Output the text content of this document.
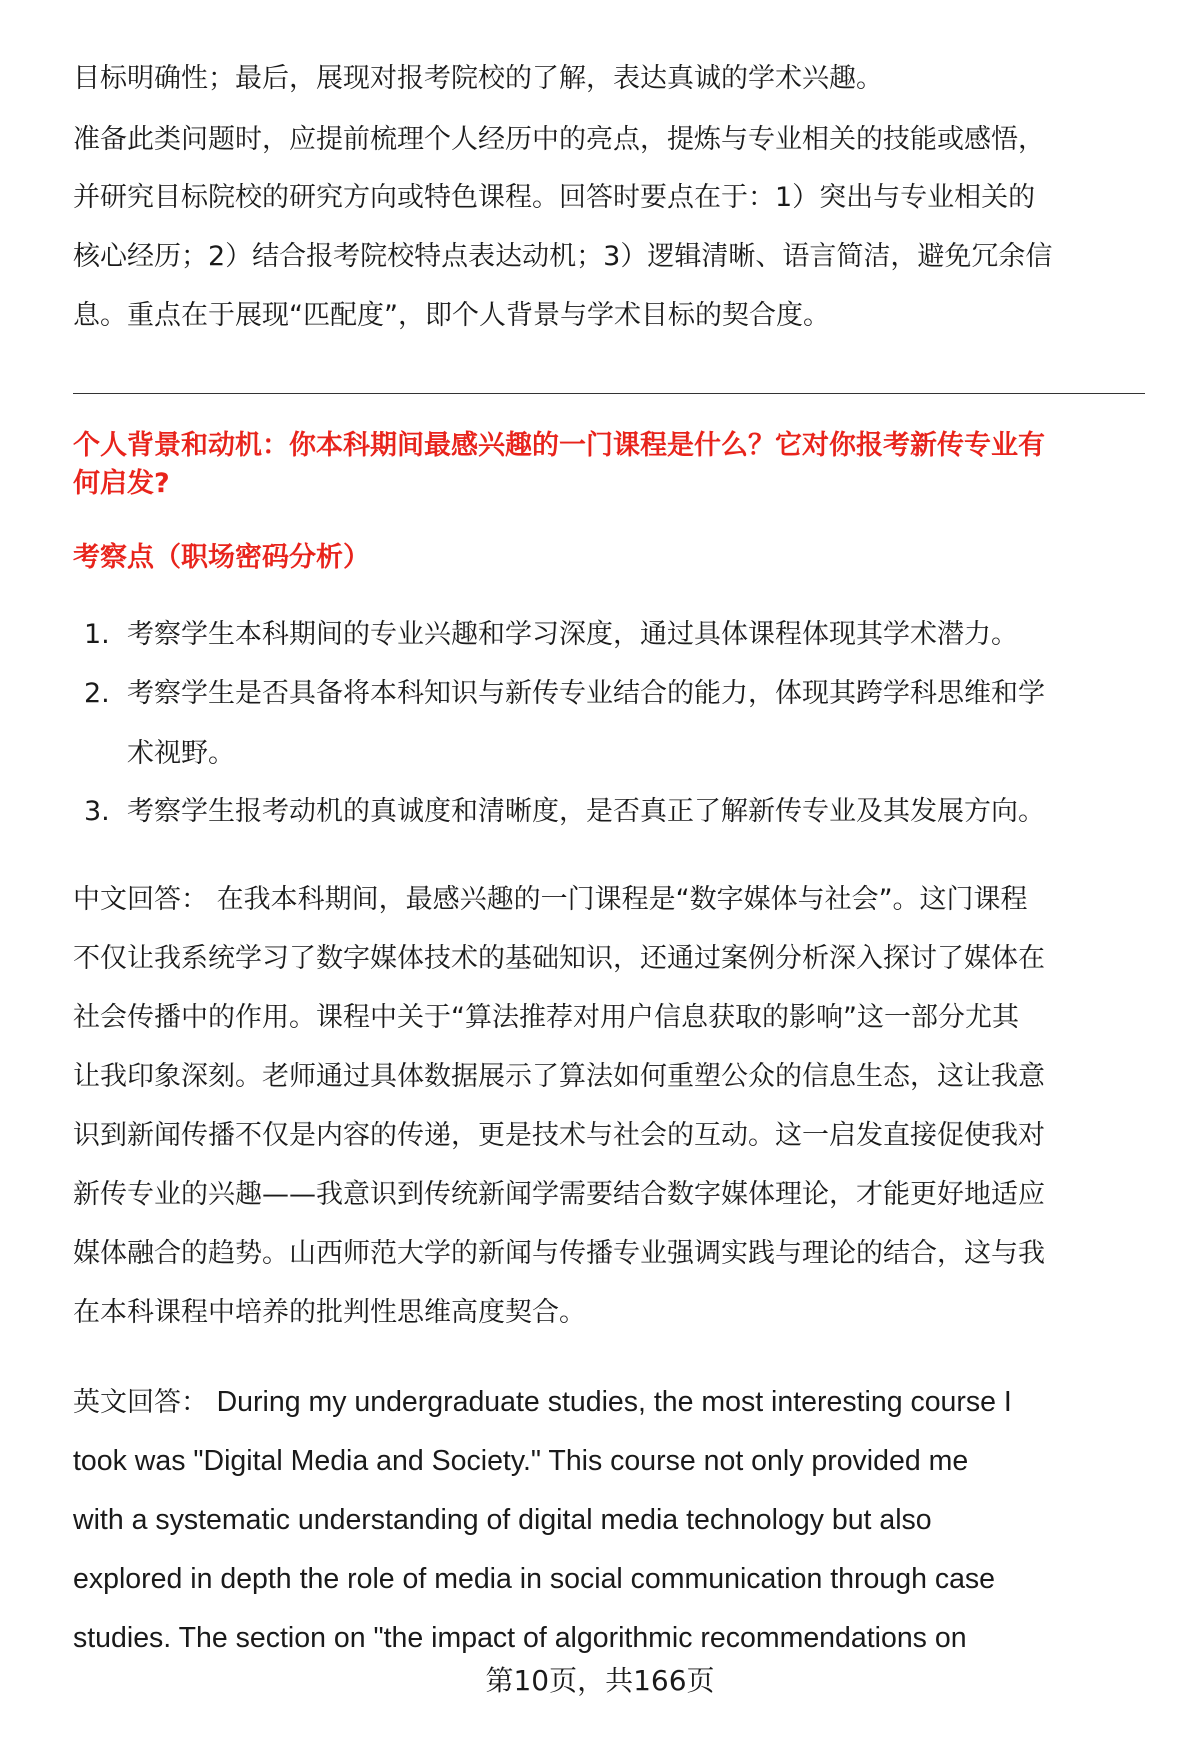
目标明确性；最后，展现对报考院校的了解，表达真诚的学术兴趣。
准备此类问题时，应提前梳理个人经历中的亮点，提炼与专业相关的技能或感悟，
并研究目标院校的研究方向或特色课程。回答时要点在于：1）突出与专业相关的
核心经历；2）结合报考院校特点表达动机；3）逻辑清晰、语言简洁，避免冗余信
息。重点在于展现“匹配度”，即个人背景与学术目标的契合度。
个人背景和动机：你本科期间最感兴趣的一门课程是什么？它对你报考新传专业有
何启发?
考察点（职场密码分析）
1. 考察学生本科期间的专业兴趣和学习深度，通过具体课程体现其学术潜力。
2. 考察学生是否具备将本科知识与新传专业结合的能力，体现其跨学科思维和学
术视野。
3. 考察学生报考动机的真诚度和清晰度，是否真正了解新传专业及其发展方向。
中文回答： 在我本科期间，最感兴趣的一门课程是“数字媒体与社会”。这门课程
不仅让我系统学习了数字媒体技术的基础知识，还通过案例分析深入探讨了媒体在
社会传播中的作用。课程中关于“算法推荐对用户信息获取的影响”这一部分尤其
让我印象深刻。老师通过具体数据展示了算法如何重塑公众的信息生态，这让我意
识到新闻传播不仅是内容的传递，更是技术与社会的互动。这一启发直接促使我对
新传专业的兴趣——我意识到传统新闻学需要结合数字媒体理论，才能更好地适应
媒体融合的趋势。山西师范大学的新闻与传播专业强调实践与理论的结合，这与我
在本科课程中培养的批判性思维高度契合。
英文回答： During my undergraduate studies, the most interesting course I
took was "Digital Media and Society." This course not only provided me
with a systematic understanding of digital media technology but also
explored in depth the role of media in social communication through case
studies. The section on "the impact of algorithmic recommendations on
第10页，共166页
